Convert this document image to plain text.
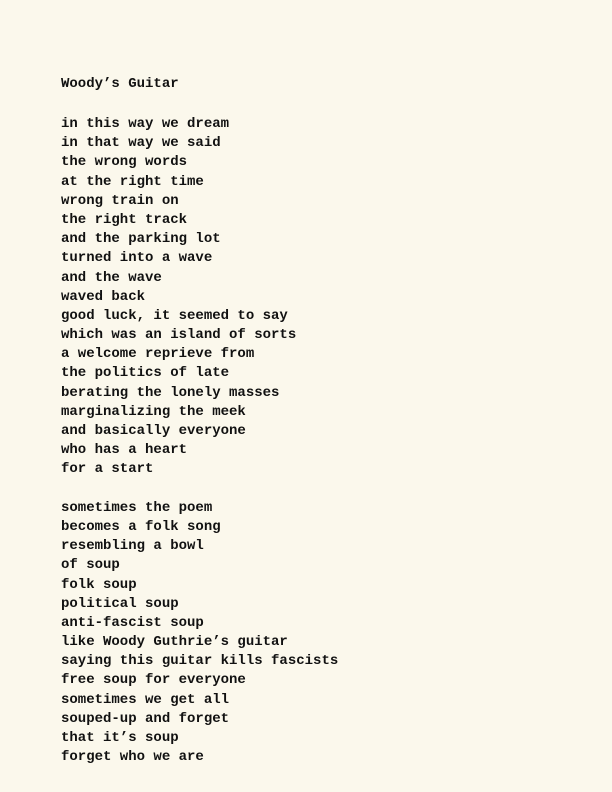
Woody’s Guitar
in this way we dream
in that way we said
the wrong words
at the right time
wrong train on
the right track
and the parking lot
turned into a wave
and the wave
waved back
good luck, it seemed to say
which was an island of sorts
a welcome reprieve from
the politics of late
berating the lonely masses
marginalizing the meek
and basically everyone
who has a heart
for a start
sometimes the poem
becomes a folk song
resembling a bowl
of soup
folk soup
political soup
anti-fascist soup
like Woody Guthrie’s guitar
saying this guitar kills fascists
free soup for everyone
sometimes we get all
souped-up and forget
that it’s soup
forget who we are
